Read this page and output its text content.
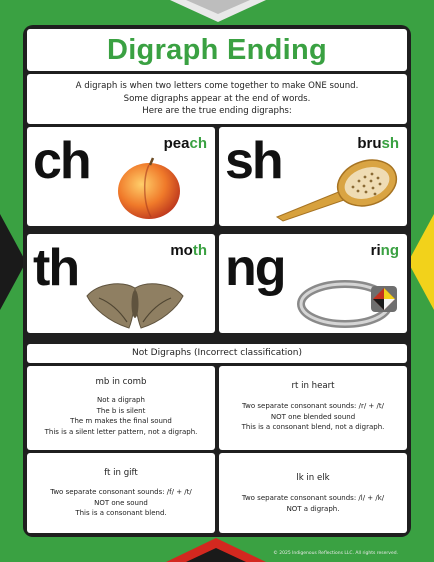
Digraph Ending
A digraph is when two letters come together to make ONE sound.
Some digraphs appear at the end of words.
Here are the true ending digraphs:
ch	peach sh	brush
th	moth ng	ring
Not Digraphs (Incorrect classification)
mb in comb
Not a digraph
The b is silent
The m makes the final sound
This is a silent letter pattern, not a digraph.
rt in heart
Two separate consonant sounds: /r/ + /t/
NOT one blended sound
This is a consonant blend, not a digraph.
ft in gift
Two separate consonant sounds: /f/ + /t/
NOT one sound
This is a consonant blend.
lk in elk
Two separate consonant sounds: /l/ + /k/
NOT a digraph.
© 2025 Indigenous Reflections LLC. All rights reserved.
